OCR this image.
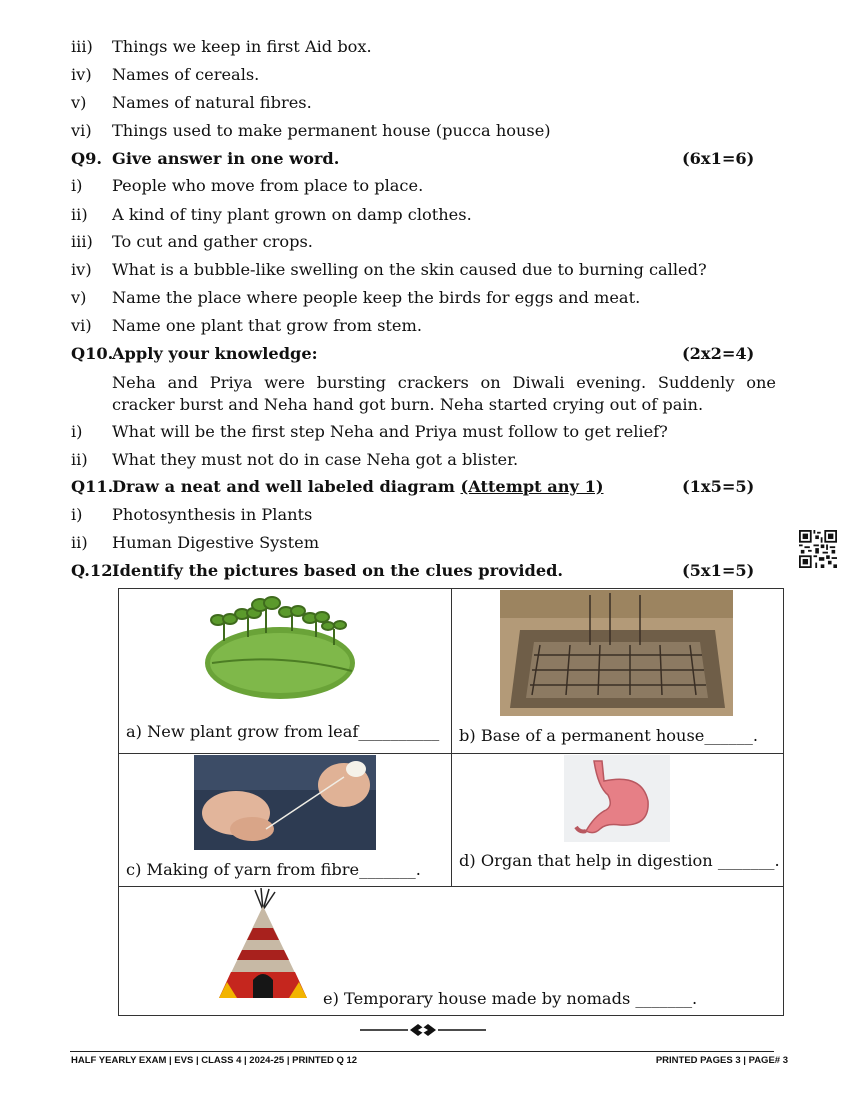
iii) Things we keep in first Aid box.
iv) Names of cereals.
v) Names of natural fibres.
vi) Things used to make permanent house (pucca house)
Q9. Give answer in one word.	(6x1=6)
i) People who move from place to place.
ii) A kind of tiny plant grown on damp clothes.
iii) To cut and gather crops.
iv) What is a bubble-like swelling on the skin caused due to burning called?
v) Name the place where people keep the birds for eggs and meat.
vi) Name one plant that grow from stem.
Q10.
Apply your knowledge:	(2x2=4)
Neha and Priya were bursting crackers on Diwali evening. Suddenly one cracker burst and Neha hand got burn. Neha started crying out of pain.
i) What will be the first step Neha and Priya must follow to get relief?
ii) What they must not do in case Neha got a blister.
Q11.
Draw a neat and well labeled diagram (Attempt any 1)	(1x5=5)
i) Photosynthesis in Plants
ii) Human Digestive System
Q.12 Identify the pictures based on the clues provided.	(5x1=5)
a) New plant grow from leaf__________ b) Base of a permanent house______.
c) Making of yarn from fibre_______. d) Organ that help in digestion _______.
e) Temporary house made by nomads _______.
HALF YEARLY EXAM | EVS | CLASS 4 | 2024-25 | PRINTED Q 12	PRINTED PAGES 3 | PAGE# 3
